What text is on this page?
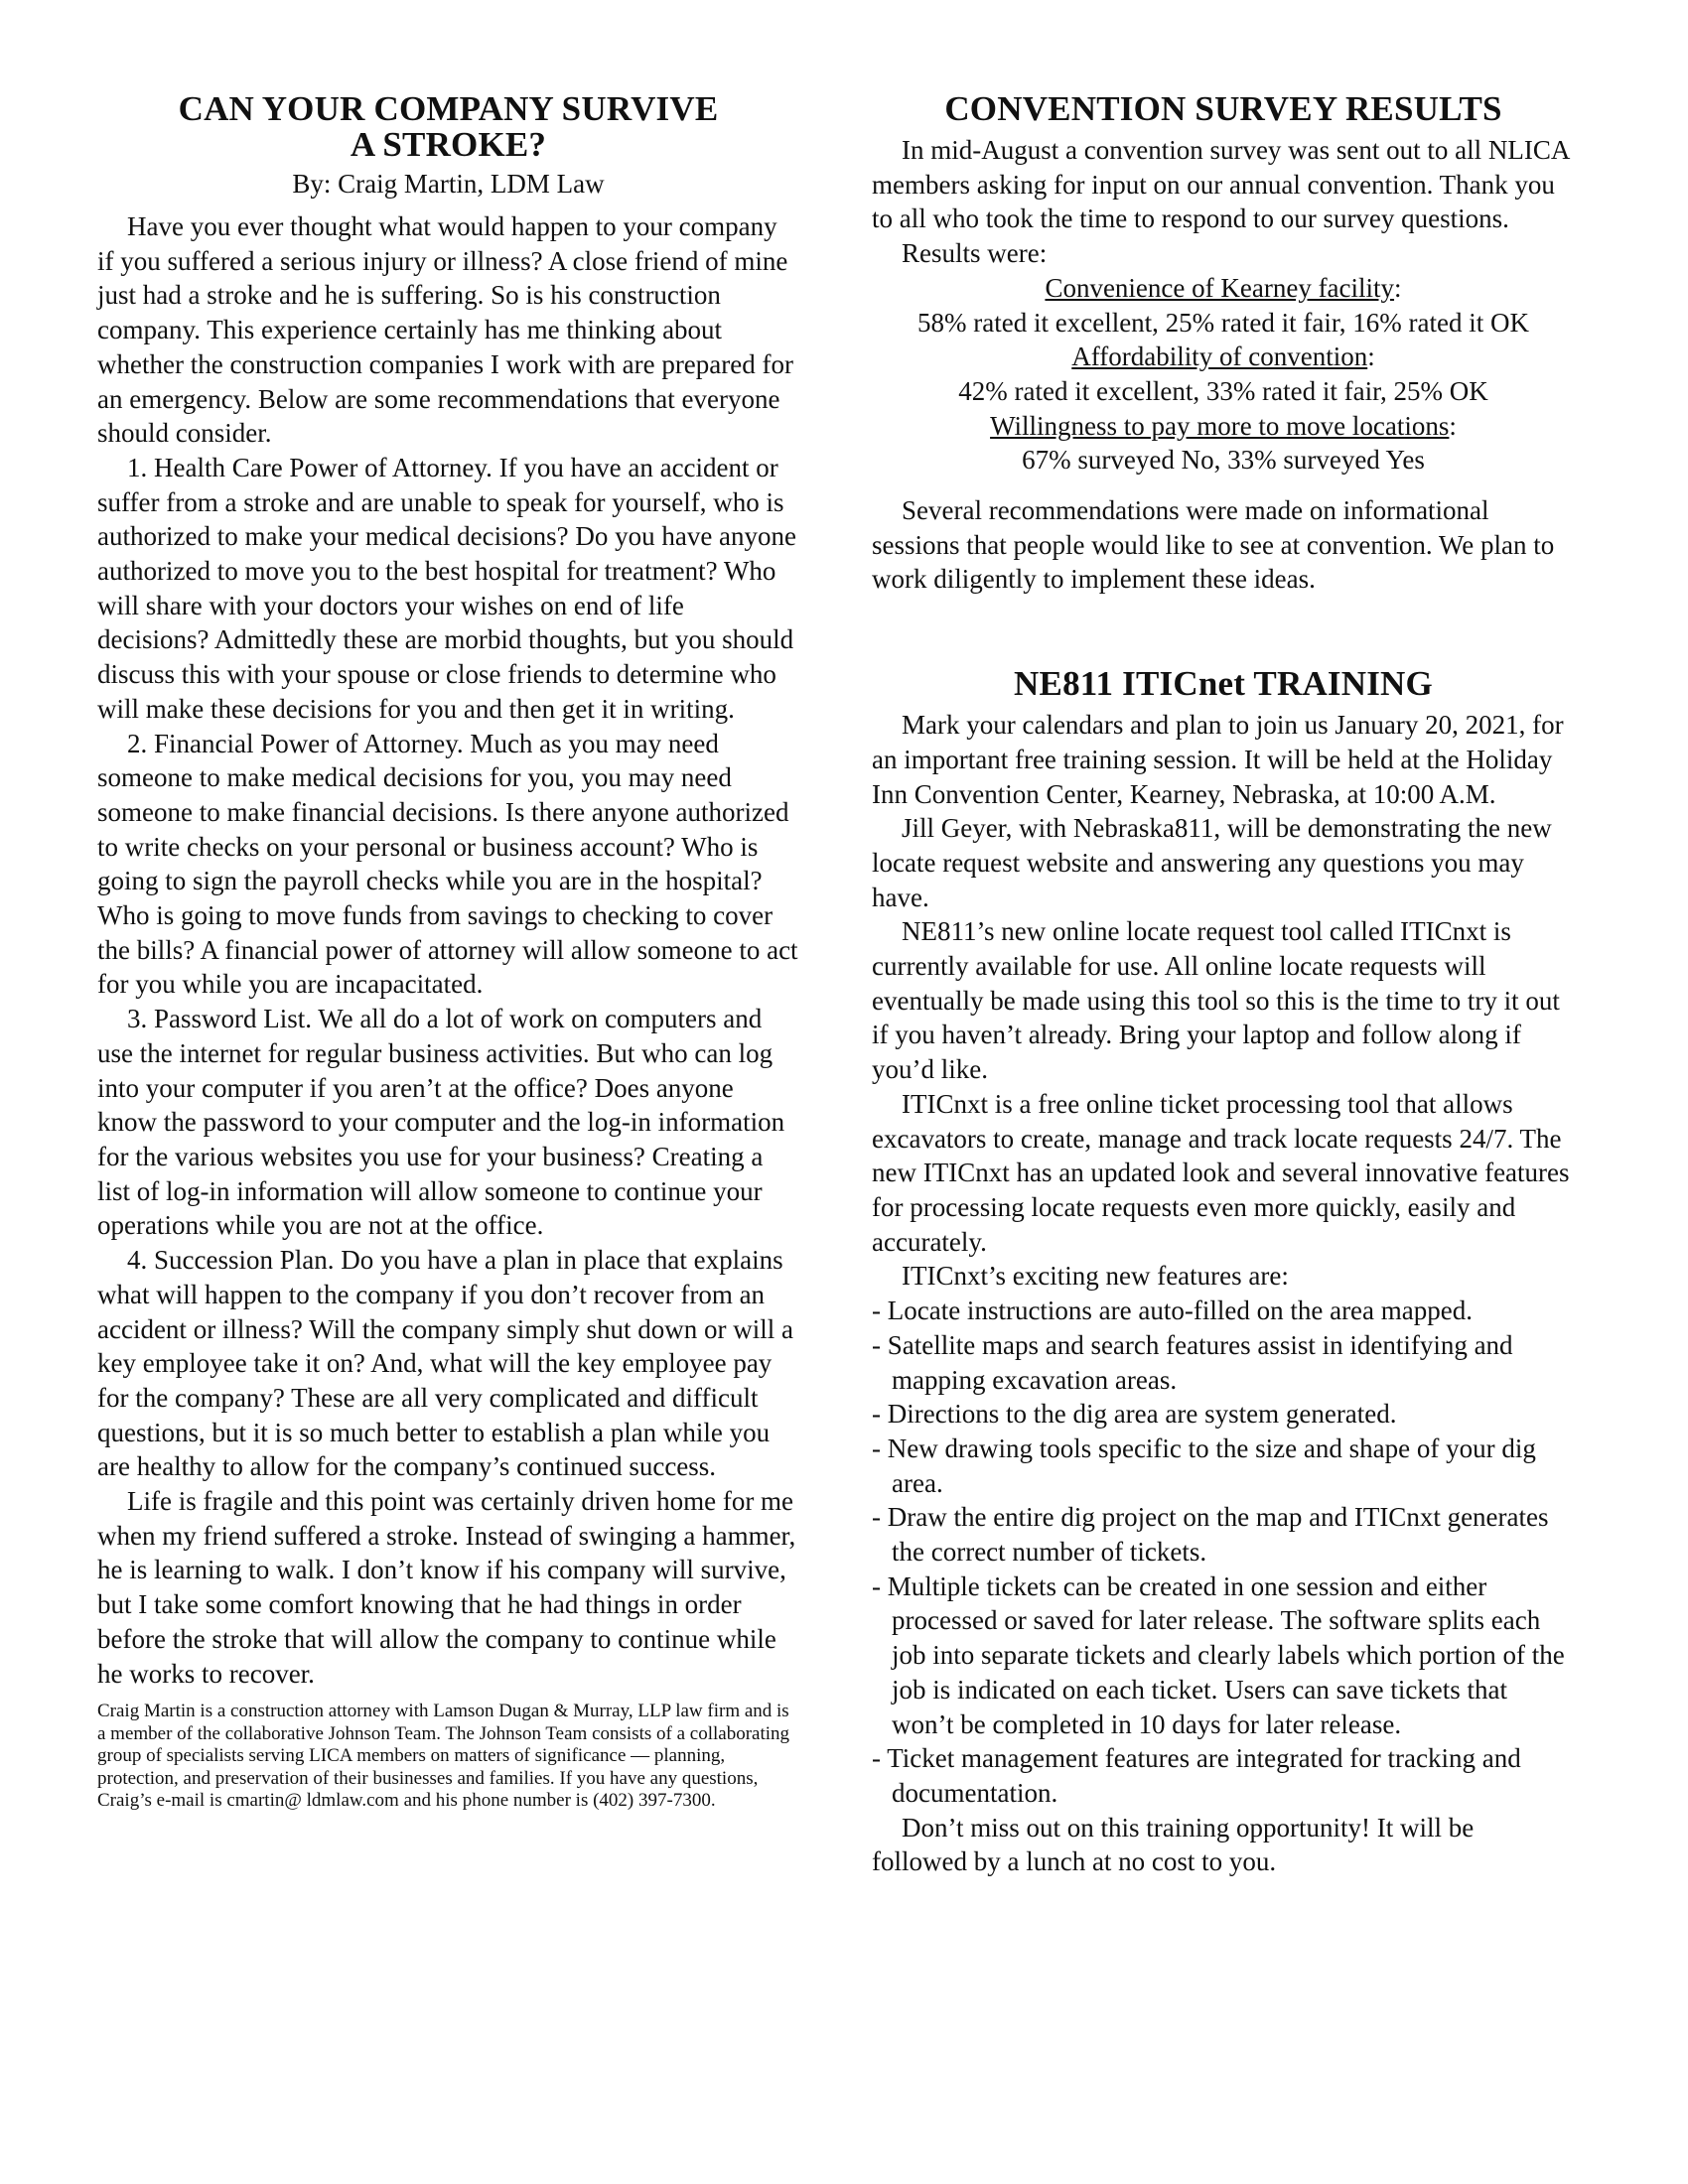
CAN YOUR COMPANY SURVIVE
A STROKE?
By: Craig Martin, LDM Law

Have you ever thought what would happen to your company if you suffered a serious injury or illness? A close friend of mine just had a stroke and he is suffering. So is his construction company. This experience certainly has me thinking about whether the construction companies I work with are prepared for an emergency. Below are some recommendations that everyone should consider.

1. Health Care Power of Attorney. If you have an accident or suffer from a stroke and are unable to speak for yourself, who is authorized to make your medical decisions? Do you have anyone authorized to move you to the best hospital for treatment? Who will share with your doctors your wishes on end of life decisions? Admittedly these are morbid thoughts, but you should discuss this with your spouse or close friends to determine who will make these decisions for you and then get it in writing.

2. Financial Power of Attorney. Much as you may need someone to make medical decisions for you, you may need someone to make financial decisions. Is there anyone authorized to write checks on your personal or business account? Who is going to sign the payroll checks while you are in the hospital? Who is going to move funds from savings to checking to cover the bills? A financial power of attorney will allow someone to act for you while you are incapacitated.

3. Password List. We all do a lot of work on computers and use the internet for regular business activities. But who can log into your computer if you aren’t at the office? Does anyone know the password to your computer and the log-in information for the various websites you use for your business? Creating a list of log-in information will allow someone to continue your operations while you are not at the office.

4. Succession Plan. Do you have a plan in place that explains what will happen to the company if you don’t recover from an accident or illness? Will the company simply shut down or will a key employee take it on? And, what will the key employee pay for the company? These are all very complicated and difficult questions, but it is so much better to establish a plan while you are healthy to allow for the company’s continued success.

Life is fragile and this point was certainly driven home for me when my friend suffered a stroke. Instead of swinging a hammer, he is learning to walk. I don’t know if his company will survive, but I take some comfort knowing that he had things in order before the stroke that will allow the company to continue while he works to recover.

Craig Martin is a construction attorney with Lamson Dugan & Murray, LLP law firm and is a member of the collaborative Johnson Team. The Johnson Team consists of a collaborating group of specialists serving LICA members on matters of significance — planning, protection, and preservation of their businesses and families. If you have any questions, Craig’s e-mail is cmartin@ ldmlaw.com and his phone number is (402) 397-7300.

CONVENTION SURVEY RESULTS

In mid-August a convention survey was sent out to all NLICA members asking for input on our annual convention. Thank you to all who took the time to respond to our survey questions.

Results were:

Convenience of Kearney facility:

58% rated it excellent, 25% rated it fair, 16% rated it OK

Affordability of convention:

42% rated it excellent, 33% rated it fair, 25% OK

Willingness to pay more to move locations:

67% surveyed No, 33% surveyed Yes

Several recommendations were made on informational sessions that people would like to see at convention. We plan to work diligently to implement these ideas.

NE811 ITICnet TRAINING

Mark your calendars and plan to join us January 20, 2021, for an important free training session. It will be held at the Holiday Inn Convention Center, Kearney, Nebraska, at 10:00 A.M.

Jill Geyer, with Nebraska811, will be demonstrating the new locate request website and answering any questions you may have.

NE811’s new online locate request tool called ITICnxt is currently available for use. All online locate requests will eventually be made using this tool so this is the time to try it out if you haven’t already. Bring your laptop and follow along if you’d like.

ITICnxt is a free online ticket processing tool that allows excavators to create, manage and track locate requests 24/7. The new ITICnxt has an updated look and several innovative features for processing locate requests even more quickly, easily and accurately.

ITICnxt’s exciting new features are:

- Locate instructions are auto-filled on the area mapped.
- Satellite maps and search features assist in identifying and mapping excavation areas.
- Directions to the dig area are system generated.
- New drawing tools specific to the size and shape of your dig area.
- Draw the entire dig project on the map and ITICnxt generates the correct number of tickets.
- Multiple tickets can be created in one session and either processed or saved for later release. The software splits each job into separate tickets and clearly labels which portion of the job is indicated on each ticket. Users can save tickets that won’t be completed in 10 days for later release.
- Ticket management features are integrated for tracking and documentation.

Don’t miss out on this training opportunity! It will be followed by a lunch at no cost to you.
